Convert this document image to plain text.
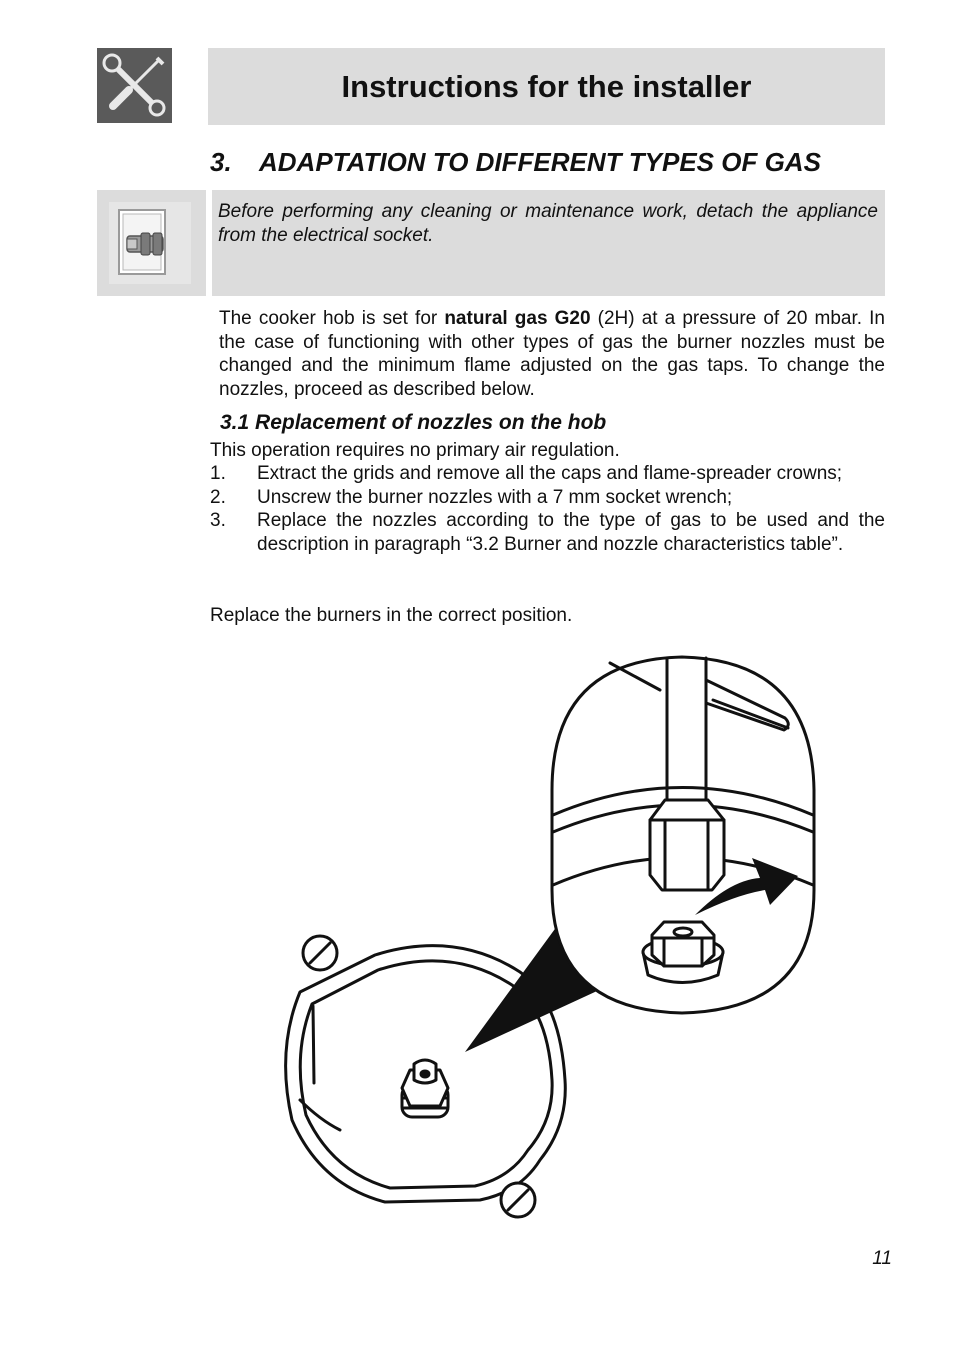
Instructions for the installer
3. ADAPTATION TO DIFFERENT TYPES OF GAS
Before performing any cleaning or maintenance work, detach the appliance from the electrical socket.
The cooker hob is set for natural gas G20 (2H) at a pressure of 20 mbar. In the case of functioning with other types of gas the burner nozzles must be changed and the minimum flame adjusted on the gas taps. To change the nozzles, proceed as described below.
3.1 Replacement of nozzles on the hob
This operation requires no primary air regulation.
1.	Extract the grids and remove all the caps and flame-spreader crowns;
2.	Unscrew the burner nozzles with a 7 mm socket wrench;
3.	Replace the nozzles according to the type of gas to be used and the description in paragraph “3.2 Burner and nozzle characteristics table”.
Replace the burners in the correct position.
11
